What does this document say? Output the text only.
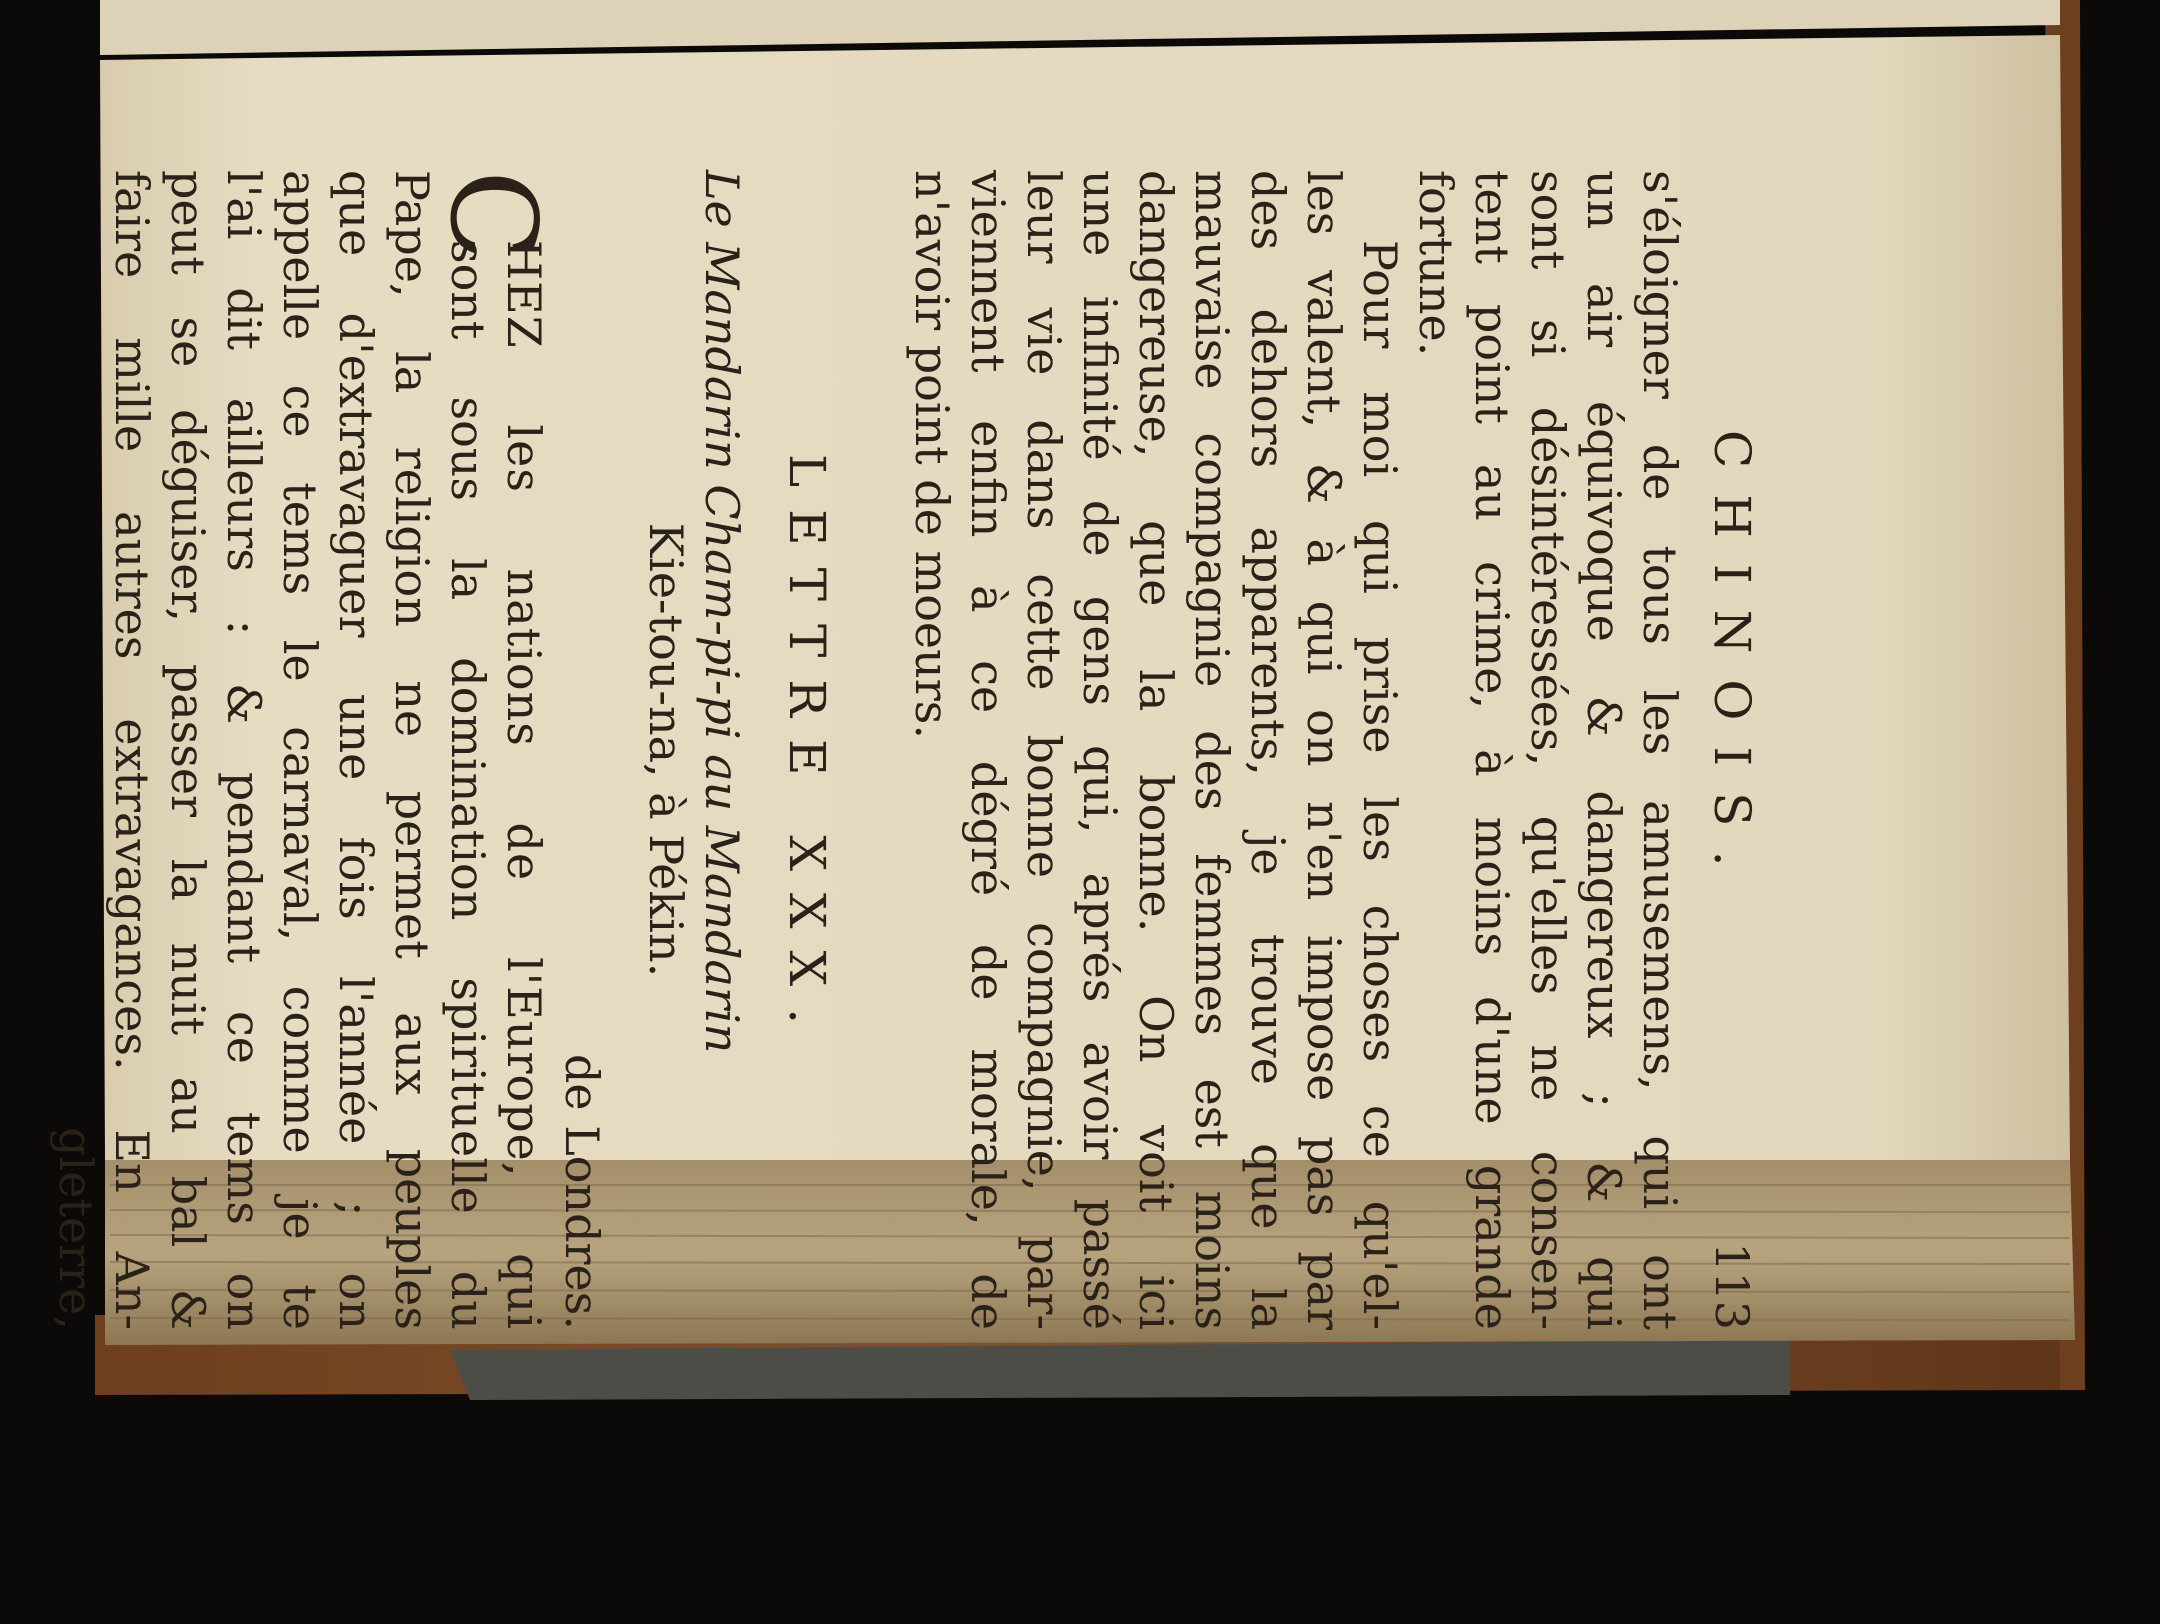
CHINOIS.
113
s'éloigner de tous les amusemens, qui ont
un air équivoque & dangereux ; & qui
sont si désintéressées, qu'elles ne consen-
tent point au crime, à moins d'une grande
fortune.
Pour moi qui prise les choses ce qu'el-
les valent, & à qui on n'en impose pas par
des dehors apparents, je trouve que la
mauvaise compagnie des femmes est moins
dangereuse, que la bonne. On voit ici
une infinité de gens qui, aprés avoir passé
leur vie dans cette bonne compagnie, par-
viennent enfin à ce dégré de morale, de
n'avoir point de moeurs.
LETTRE XXX.
Le Mandarin Cham-pi-pi au Mandarin
Kie-tou-na, à Pékin.
de Londres.
C
HEZ les nations de l'Europe, qui
sont sous la domination spirituelle du
Pape, la religion ne permet aux peuples
que d'extravaguer une fois l'année ; on
appelle ce tems le carnaval, comme je te
l'ai dit ailleurs : & pendant ce tems on
peut se déguiser, passer la nuit au bal &
faire mille autres extravagances. En An-
gleterre,
